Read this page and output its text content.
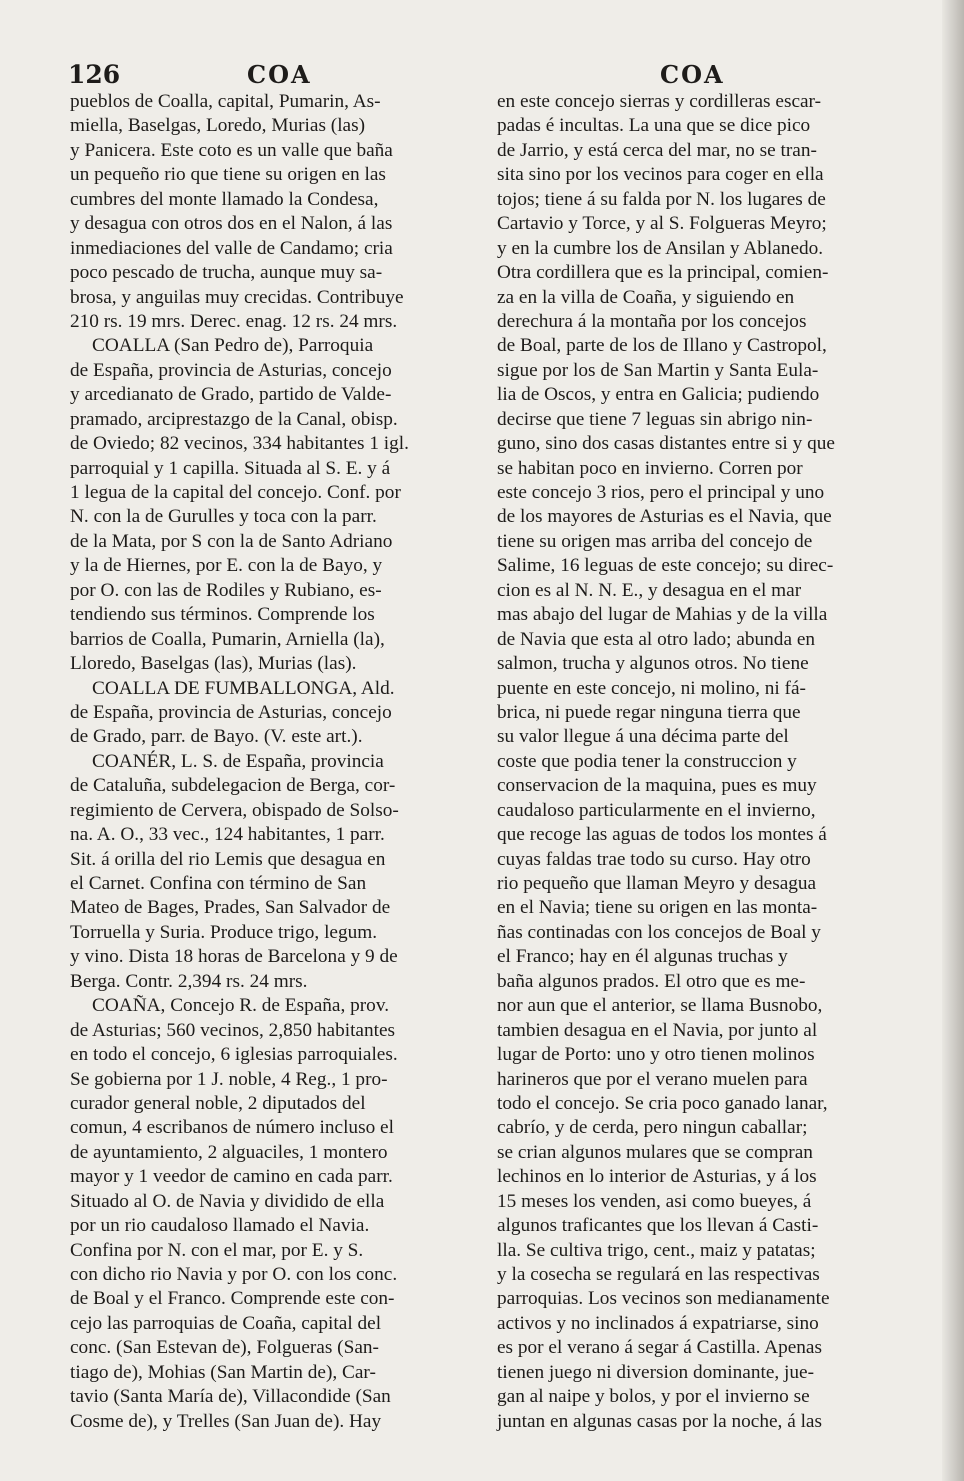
126	COA	COA
pueblos de Coalla, capital, Pumarin, As-
miella, Baselgas, Loredo, Murias (las)
y Panicera. Este coto es un valle que baña
un pequeño rio que tiene su origen en las
cumbres del monte llamado la Condesa,
y desagua con otros dos en el Nalon, á las
inmediaciones del valle de Candamo; cria
poco pescado de trucha, aunque muy sa-
brosa, y anguilas muy crecidas. Contribuye
210 rs. 19 mrs. Derec. enag. 12 rs. 24 mrs.
COALLA (San Pedro de), Parroquia
de España, provincia de Asturias, concejo
y arcedianato de Grado, partido de Valde-
pramado, arciprestazgo de la Canal, obisp.
de Oviedo; 82 vecinos, 334 habitantes 1 igl.
parroquial y 1 capilla. Situada al S. E. y á
1 legua de la capital del concejo. Conf. por
N. con la de Gurulles y toca con la parr.
de la Mata, por S con la de Santo Adriano
y la de Hiernes, por E. con la de Bayo, y
por O. con las de Rodiles y Rubiano, es-
tendiendo sus términos. Comprende los
barrios de Coalla, Pumarin, Arniella (la),
Lloredo, Baselgas (las), Murias (las).
COALLA DE FUMBALLONGA, Ald.
de España, provincia de Asturias, concejo
de Grado, parr. de Bayo. (V. este art.).
COANÉR, L. S. de España, provincia
de Cataluña, subdelegacion de Berga, cor-
regimiento de Cervera, obispado de Solso-
na. A. O., 33 vec., 124 habitantes, 1 parr.
Sit. á orilla del rio Lemis que desagua en
el Carnet. Confina con término de San
Mateo de Bages, Prades, San Salvador de
Torruella y Suria. Produce trigo, legum.
y vino. Dista 18 horas de Barcelona y 9 de
Berga. Contr. 2,394 rs. 24 mrs.
COAÑA, Concejo R. de España, prov.
de Asturias; 560 vecinos, 2,850 habitantes
en todo el concejo, 6 iglesias parroquiales.
Se gobierna por 1 J. noble, 4 Reg., 1 pro-
curador general noble, 2 diputados del
comun, 4 escribanos de número incluso el
de ayuntamiento, 2 alguaciles, 1 montero
mayor y 1 veedor de camino en cada parr.
Situado al O. de Navia y dividido de ella
por un rio caudaloso llamado el Navia.
Confina por N. con el mar, por E. y S.
con dicho rio Navia y por O. con los conc.
de Boal y el Franco. Comprende este con-
cejo las parroquias de Coaña, capital del
conc. (San Estevan de), Folgueras (San-
tiago de), Mohias (San Martin de), Car-
tavio (Santa María de), Villacondide (San
Cosme de), y Trelles (San Juan de). Hay
en este concejo sierras y cordilleras escar-
padas é incultas. La una que se dice pico
de Jarrio, y está cerca del mar, no se tran-
sita sino por los vecinos para coger en ella
tojos; tiene á su falda por N. los lugares de
Cartavio y Torce, y al S. Folgueras Meyro;
y en la cumbre los de Ansilan y Ablanedo.
Otra cordillera que es la principal, comien-
za en la villa de Coaña, y siguiendo en
derechura á la montaña por los concejos
de Boal, parte de los de Illano y Castropol,
sigue por los de San Martin y Santa Eula-
lia de Oscos, y entra en Galicia; pudiendo
decirse que tiene 7 leguas sin abrigo nin-
guno, sino dos casas distantes entre si y que
se habitan poco en invierno. Corren por
este concejo 3 rios, pero el principal y uno
de los mayores de Asturias es el Navia, que
tiene su origen mas arriba del concejo de
Salime, 16 leguas de este concejo; su direc-
cion es al N. N. E., y desagua en el mar
mas abajo del lugar de Mahias y de la villa
de Navia que esta al otro lado; abunda en
salmon, trucha y algunos otros. No tiene
puente en este concejo, ni molino, ni fá-
brica, ni puede regar ninguna tierra que
su valor llegue á una décima parte del
coste que podia tener la construccion y
conservacion de la maquina, pues es muy
caudaloso particularmente en el invierno,
que recoge las aguas de todos los montes á
cuyas faldas trae todo su curso. Hay otro
rio pequeño que llaman Meyro y desagua
en el Navia; tiene su origen en las monta-
ñas continadas con los concejos de Boal y
el Franco; hay en él algunas truchas y
baña algunos prados. El otro que es me-
nor aun que el anterior, se llama Busnobo,
tambien desagua en el Navia, por junto al
lugar de Porto: uno y otro tienen molinos
harineros que por el verano muelen para
todo el concejo. Se cria poco ganado lanar,
cabrío, y de cerda, pero ningun caballar;
se crian algunos mulares que se compran
lechinos en lo interior de Asturias, y á los
15 meses los venden, asi como bueyes, á
algunos traficantes que los llevan á Casti-
lla. Se cultiva trigo, cent., maiz y patatas;
y la cosecha se regulará en las respectivas
parroquias. Los vecinos son medianamente
activos y no inclinados á expatriarse, sino
es por el verano á segar á Castilla. Apenas
tienen juego ni diversion dominante, jue-
gan al naipe y bolos, y por el invierno se
juntan en algunas casas por la noche, á las
